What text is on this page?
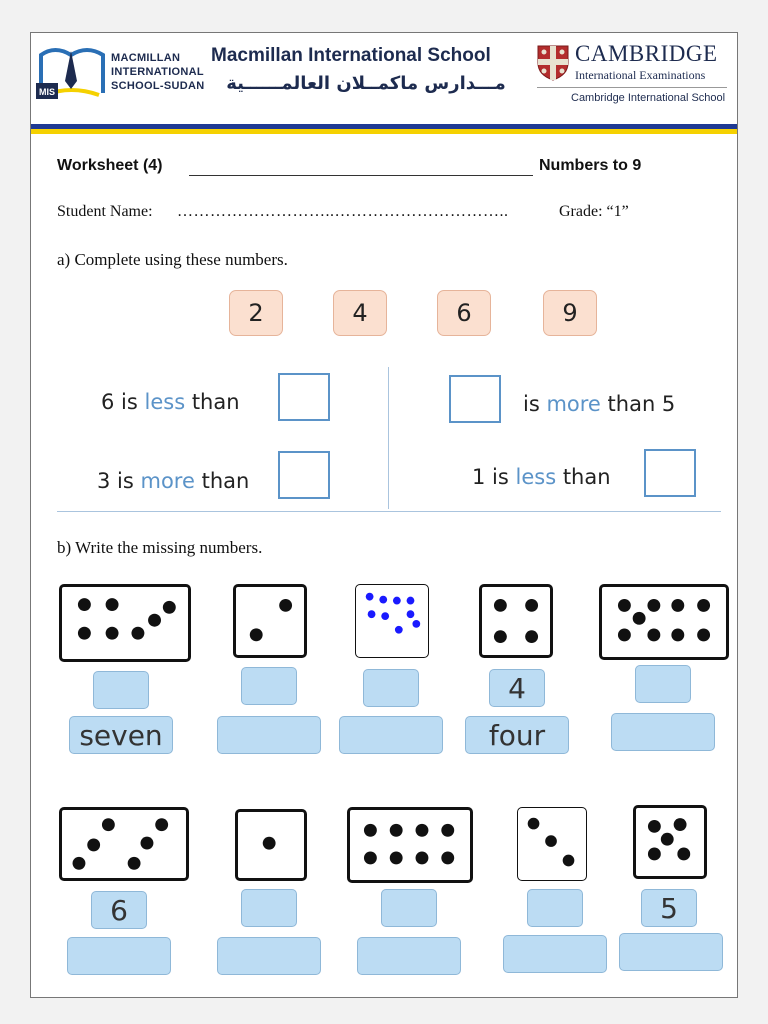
MIS
MACMILLAN
INTERNATIONAL
SCHOOL-SUDAN
Macmillan International School
مـــدارس ماكمــلان العالمــــــية
CAMBRIDGE
International Examinations
Cambridge International School
Worksheet (4)	Numbers to 9
Student Name: ………………………..…………………………..	Grade: “1”
a) Complete using these numbers.
2	4	6	9
6 is less than	is more than 5
3 is more than	1 is less than
b) Write the missing numbers.
4
seven	four
6	5
